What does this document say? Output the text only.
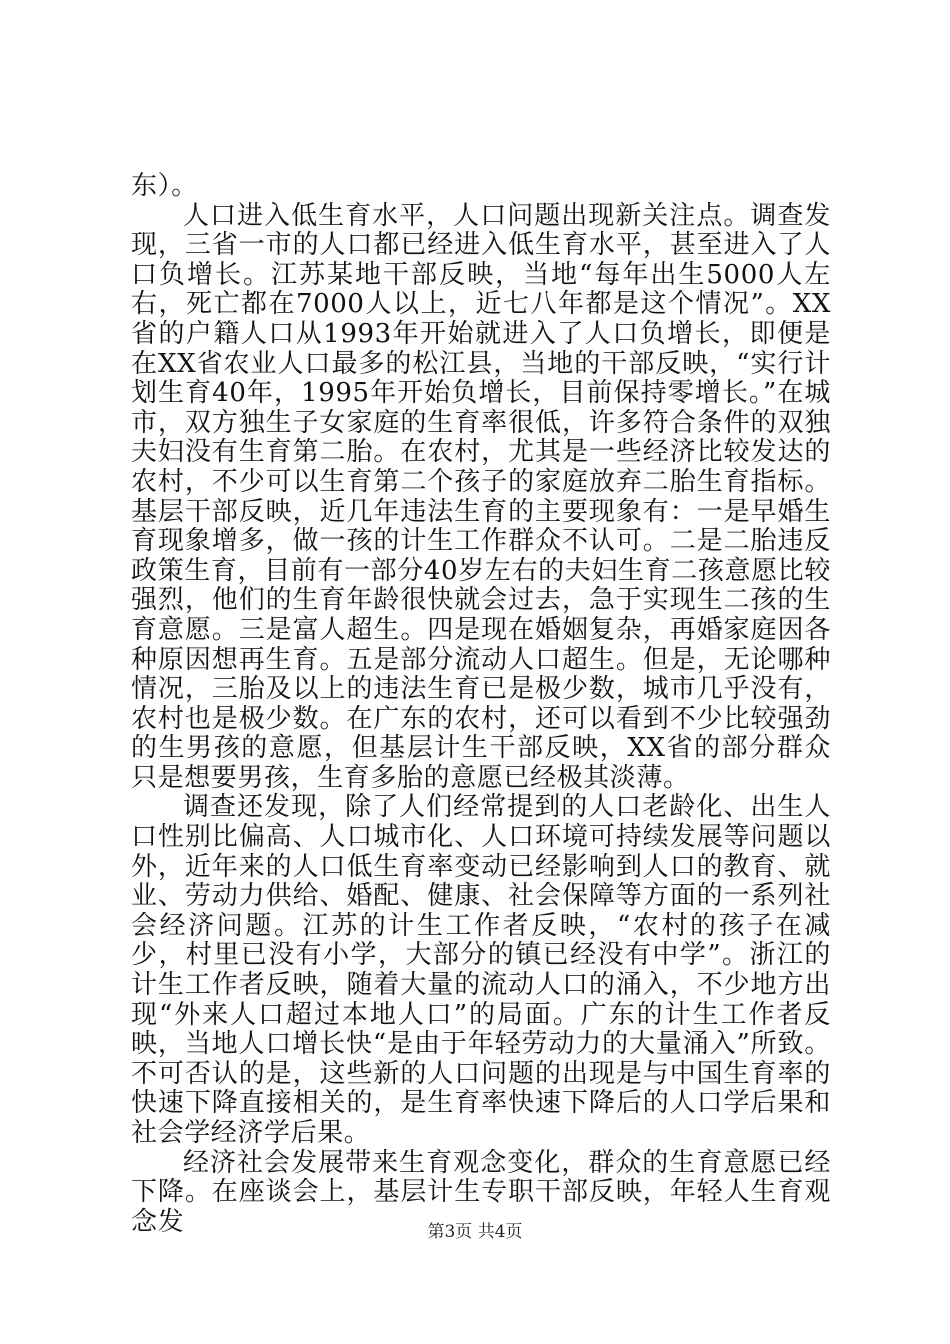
东）。

人口进入低生育水平，人口问题出现新关注点。调查发现，三省一市的人口都已经进入低生育水平，甚至进入了人口负增长。江苏某地干部反映，当地“每年出生5000人左右，死亡都在7000人以上，近七八年都是这个情况”。XX省的户籍人口从1993年开始就进入了人口负增长，即便是在XX省农业人口最多的松江县，当地的干部反映，“实行计划生育40年，1995年开始负增长，目前保持零增长。”在城市，双方独生子女家庭的生育率很低，许多符合条件的双独夫妇没有生育第二胎。在农村，尤其是一些经济比较发达的农村，不少可以生育第二个孩子的家庭放弃二胎生育指标。基层干部反映，近几年违法生育的主要现象有：一是早婚生育现象增多，做一孩的计生工作群众不认可。二是二胎违反政策生育，目前有一部分40岁左右的夫妇生育二孩意愿比较强烈，他们的生育年龄很快就会过去，急于实现生二孩的生育意愿。三是富人超生。四是现在婚姻复杂，再婚家庭因各种原因想再生育。五是部分流动人口超生。但是，无论哪种情况，三胎及以上的违法生育已是极少数，城市几乎没有，农村也是极少数。在广东的农村，还可以看到不少比较强劲的生男孩的意愿，但基层计生干部反映，XX省的部分群众只是想要男孩，生育多胎的意愿已经极其淡薄。

调查还发现，除了人们经常提到的人口老龄化、出生人口性别比偏高、人口城市化、人口环境可持续发展等问题以外，近年来的人口低生育率变动已经影响到人口的教育、就业、劳动力供给、婚配、健康、社会保障等方面的一系列社会经济问题。江苏的计生工作者反映，“农村的孩子在减少，村里已没有小学，大部分的镇已经没有中学”。浙江的计生工作者反映，随着大量的流动人口的涌入，不少地方出现“外来人口超过本地人口”的局面。广东的计生工作者反映，当地人口增长快“是由于年轻劳动力的大量涌入”所致。不可否认的是，这些新的人口问题的出现是与中国生育率的快速下降直接相关的，是生育率快速下降后的人口学后果和社会学经济学后果。

经济社会发展带来生育观念变化，群众的生育意愿已经下降。在座谈会上，基层计生专职干部反映，年轻人生育观念发	第3页 共4页
